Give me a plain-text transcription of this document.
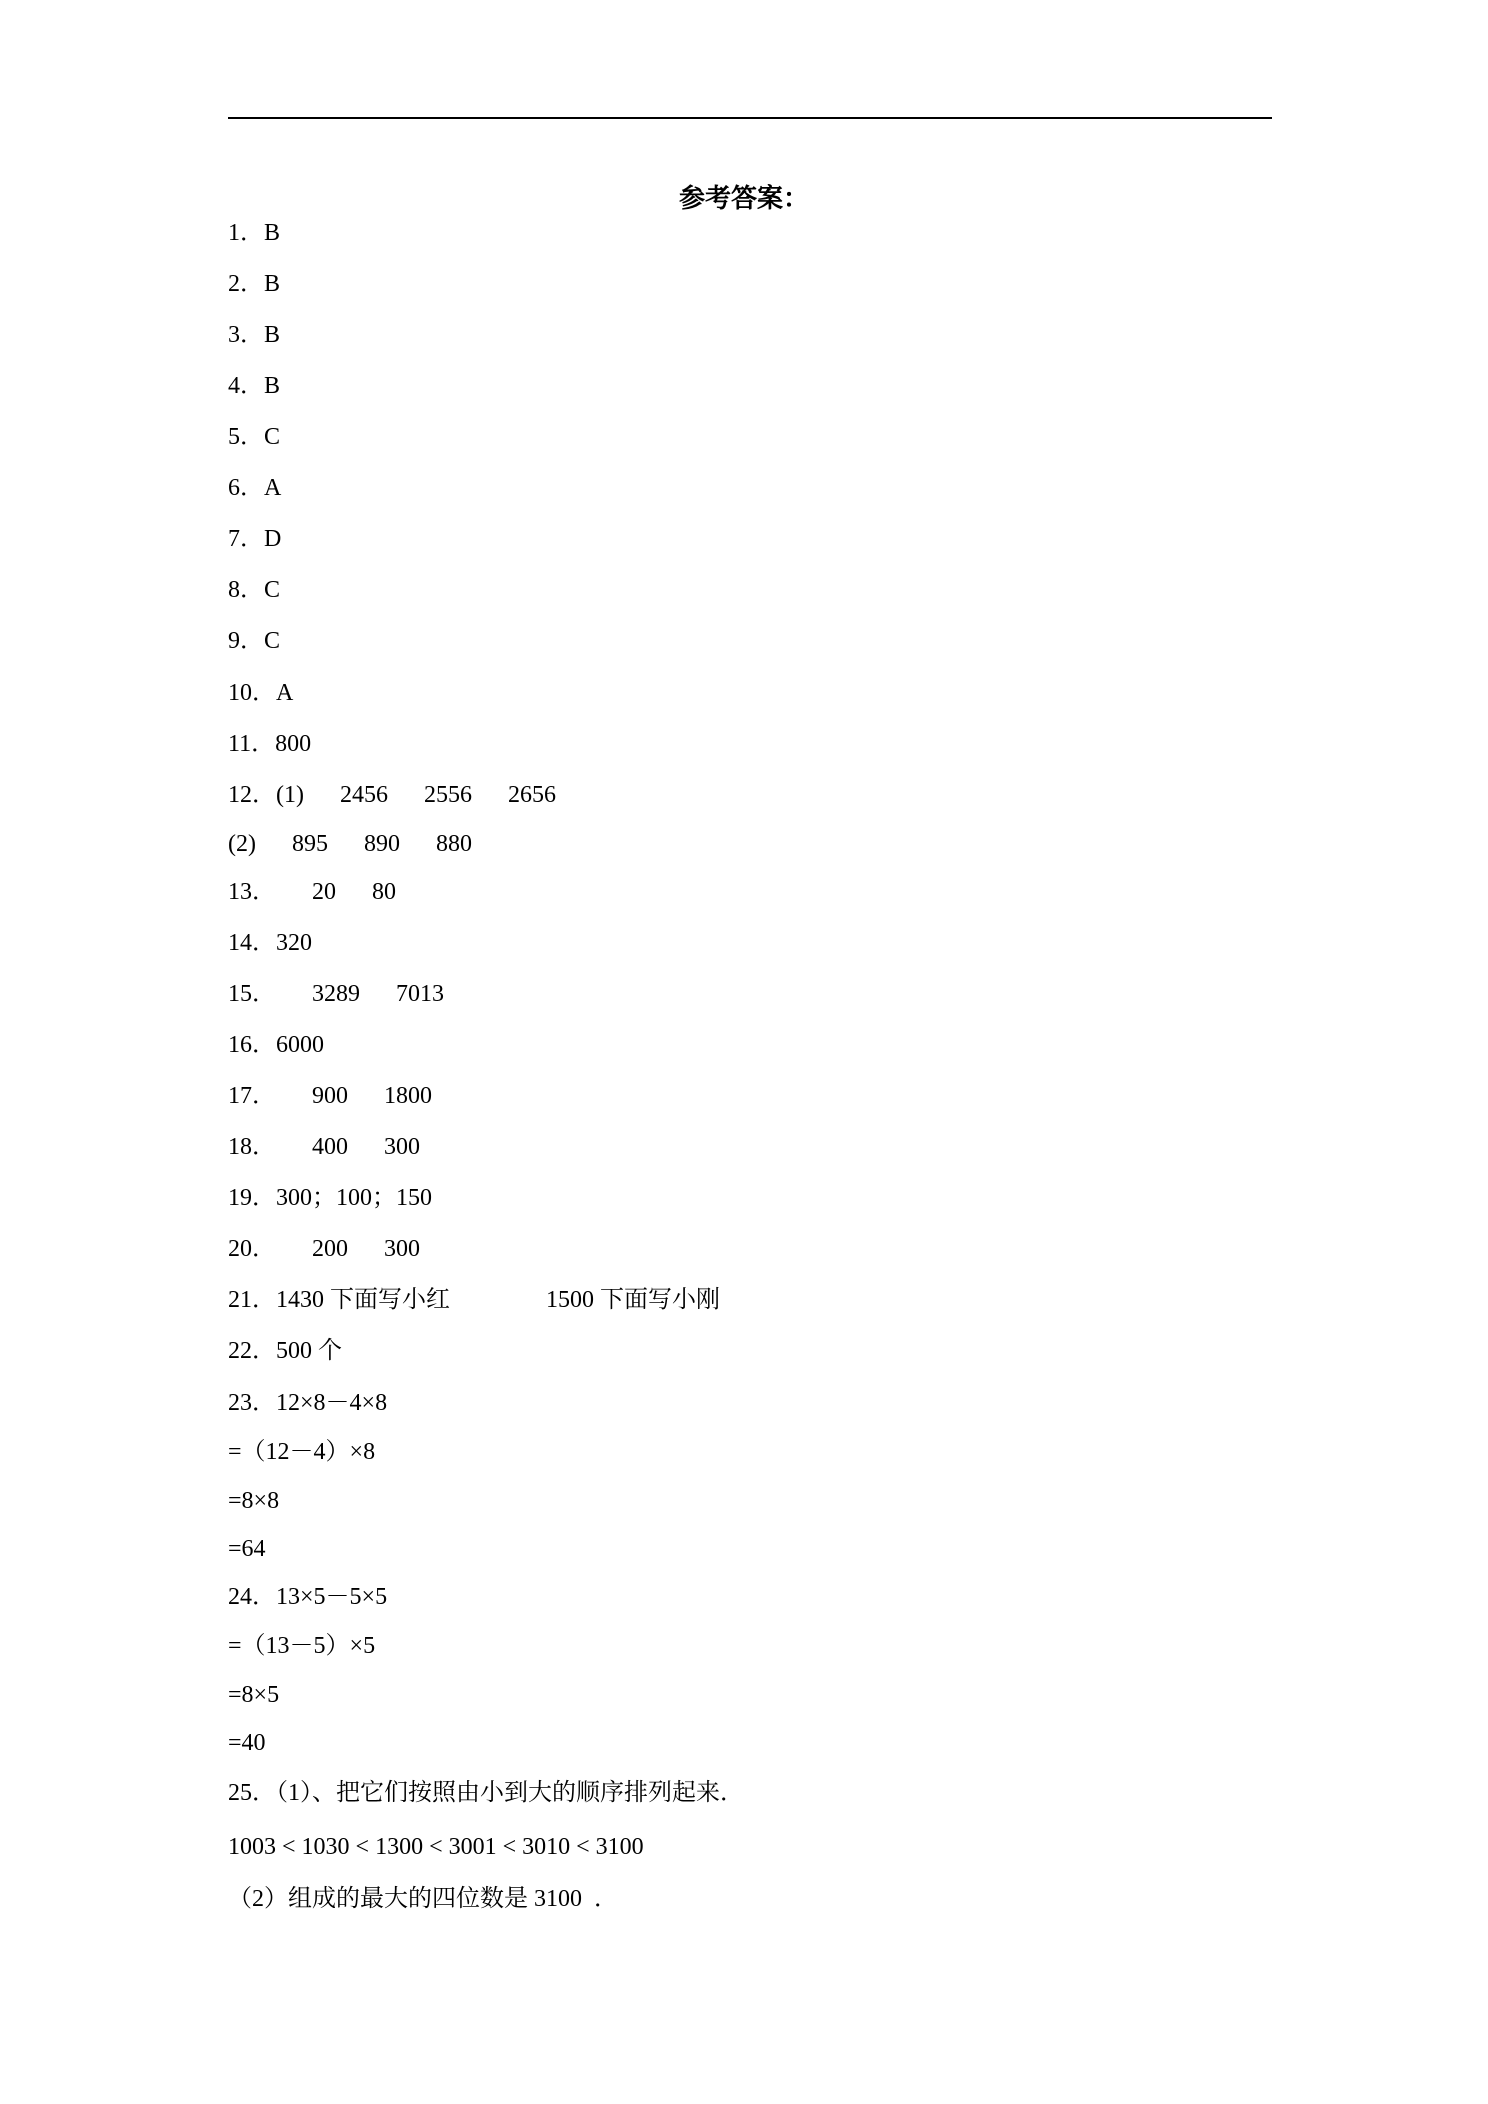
参考答案：
1．B
2．B
3．B
4．B
5．C
6．A
7．D
8．C
9．C
10．A
11．800
12．(1)      2456      2556      2656
(2)      895      890      880
13．      20      80
14．320
15．      3289      7013
16．6000
17．      900      1800
18．      400      300
19．300；100；150
20．      200      300
21．1430 下面写小红                1500 下面写小刚
22．500 个
23．12×8－4×8
=（12－4）×8
=8×8
=64
24．13×5－5×5
=（13－5）×5
=8×5
=40
25．（1）、把它们按照由小到大的顺序排列起来．
1003 < 1030 < 1300 < 3001 < 3010 < 3100
（2）组成的最大的四位数是 3100  ．
